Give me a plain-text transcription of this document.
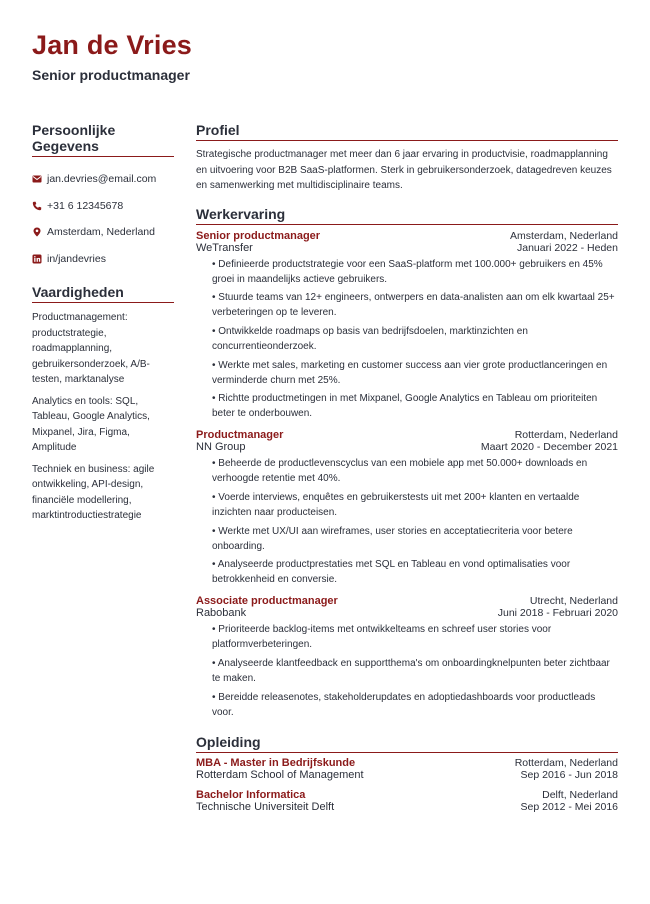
Jan de Vries
Senior productmanager
Persoonlijke Gegevens
jan.devries@email.com
+31 6 12345678
Amsterdam, Nederland
in/jandevries
Vaardigheden
Productmanagement: productstrategie, roadmapplanning, gebruikersonderzoek, A/B-testen, marktanalyse
Analytics en tools: SQL, Tableau, Google Analytics, Mixpanel, Jira, Figma, Amplitude
Techniek en business: agile ontwikkeling, API-design, financiële modellering, marktintroductiestrategie
Profiel
Strategische productmanager met meer dan 6 jaar ervaring in productvisie, roadmapplanning en uitvoering voor B2B SaaS-platformen. Sterk in gebruikersonderzoek, datagedreven keuzes en samenwerking met multidisciplinaire teams.
Werkervaring
Senior productmanager	Amsterdam, Nederland
WeTransfer	Januari 2022 - Heden
• Definieerde productstrategie voor een SaaS-platform met 100.000+ gebruikers en 45% groei in maandelijks actieve gebruikers.
• Stuurde teams van 12+ engineers, ontwerpers en data-analisten aan om elk kwartaal 25+ verbeteringen op te leveren.
• Ontwikkelde roadmaps op basis van bedrijfsdoelen, marktinzichten en concurrentieonderzoek.
• Werkte met sales, marketing en customer success aan vier grote productlanceringen en verminderde churn met 25%.
• Richtte productmetingen in met Mixpanel, Google Analytics en Tableau om prioriteiten beter te onderbouwen.
Productmanager	Rotterdam, Nederland
NN Group	Maart 2020 - December 2021
• Beheerde de productlevenscyclus van een mobiele app met 50.000+ downloads en verhoogde retentie met 40%.
• Voerde interviews, enquêtes en gebruikerstests uit met 200+ klanten en vertaalde inzichten naar producteisen.
• Werkte met UX/UI aan wireframes, user stories en acceptatiecriteria voor betere onboarding.
• Analyseerde productprestaties met SQL en Tableau en vond optimalisaties voor betrokkenheid en conversie.
Associate productmanager	Utrecht, Nederland
Rabobank	Juni 2018 - Februari 2020
• Prioriteerde backlog-items met ontwikkelteams en schreef user stories voor platformverbeteringen.
• Analyseerde klantfeedback en supportthema's om onboardingknelpunten beter zichtbaar te maken.
• Bereidde releasenotes, stakeholderupdates en adoptiedashboards voor productleads voor.
Opleiding
MBA - Master in Bedrijfskunde	Rotterdam, Nederland
Rotterdam School of Management	Sep 2016 - Jun 2018
Bachelor Informatica	Delft, Nederland
Technische Universiteit Delft	Sep 2012 - Mei 2016
